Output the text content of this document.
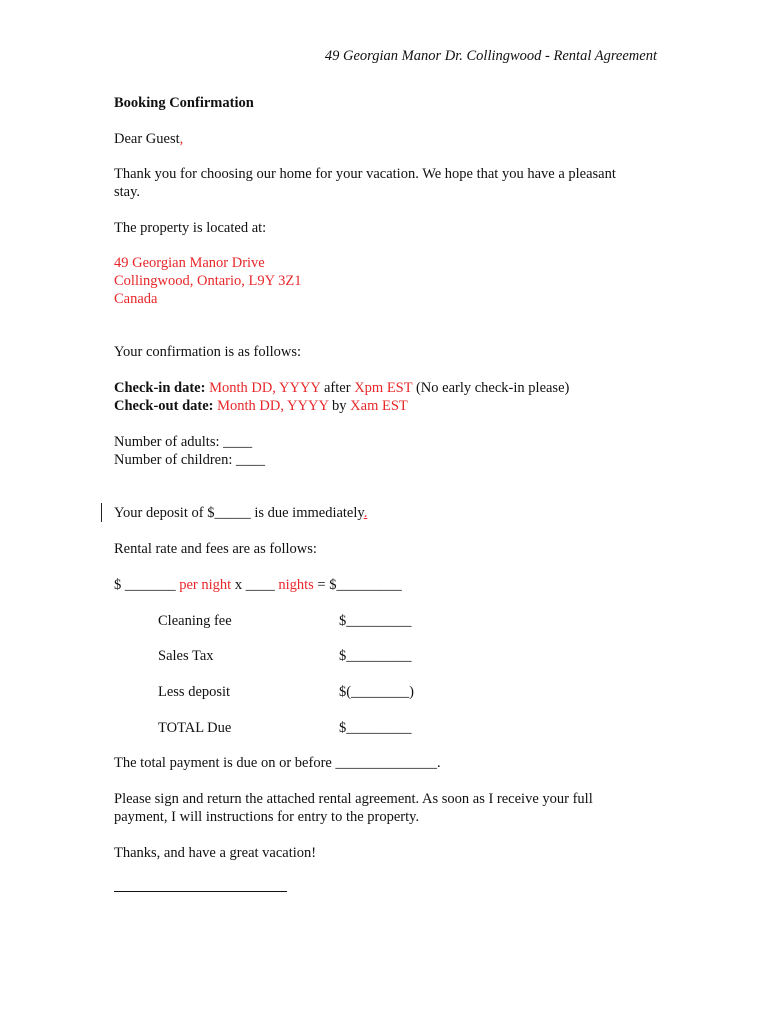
49 Georgian Manor Dr. Collingwood - Rental Agreement
Booking Confirmation
Dear Guest,
Thank you for choosing our home for your vacation. We hope that you have a pleasant
stay.
The property is located at:
49 Georgian Manor Drive
Collingwood, Ontario, L9Y 3Z1
Canada
Your confirmation is as follows:
Check-in date: Month DD, YYYY after Xpm EST (No early check-in please)
Check-out date: Month DD, YYYY by Xam EST
Number of adults: ____
Number of children: ____
Your deposit of $_____ is due immediately.
Rental rate and fees are as follows:
$ _______ per night x ____ nights = $_________
Cleaning fee	$_________
Sales Tax	$_________
Less deposit	$(________)
TOTAL Due	$_________
The total payment is due on or before ______________.
Please sign and return the attached rental agreement. As soon as I receive your full
payment, I will instructions for entry to the property.
Thanks, and have a great vacation!
